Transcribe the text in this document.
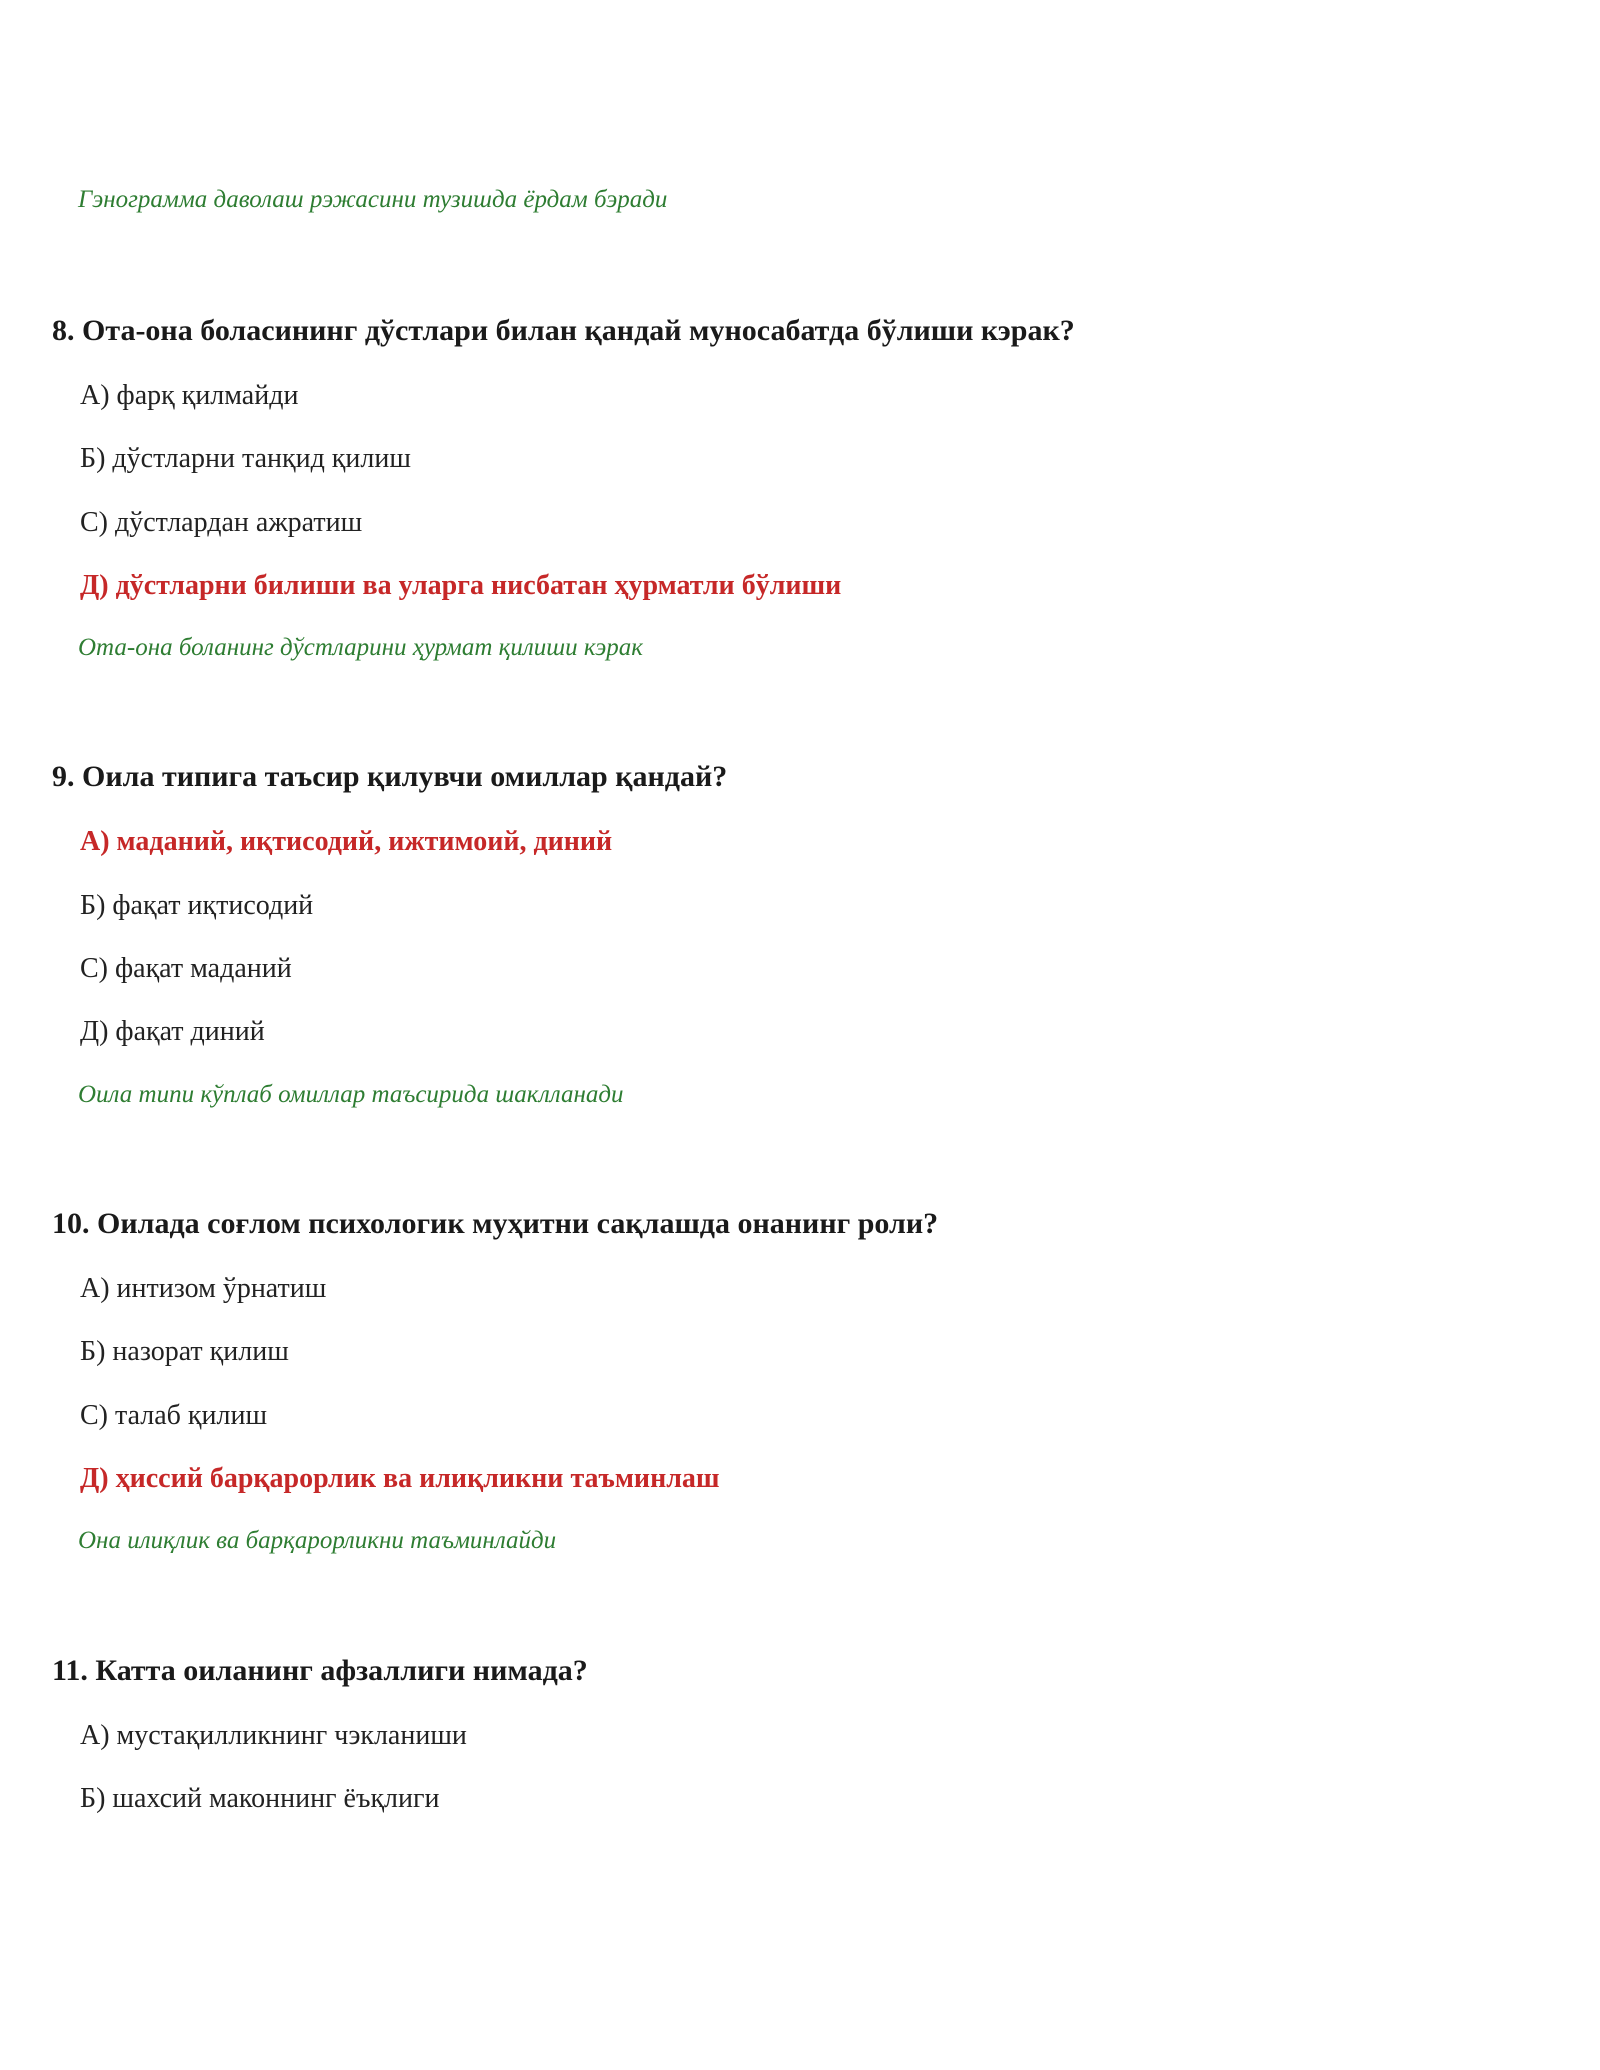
Гэнограмма даволаш рэжасини тузишда ёрдам бэради
8. Ота-она боласининг дўстлари билан қандай муносабатда бўлиши кэрак?
А) фарқ қилмайди
Б) дўстларни танқид қилиш
С) дўстлардан ажратиш
Д) дўстларни билиши ва уларга нисбатан ҳурматли бўлиши
Ота-она боланинг дўстларини ҳурмат қилиши кэрак
9. Оила типига таъсир қилувчи омиллар қандай?
А) маданий, иқтисодий, ижтимоий, диний
Б) фақат иқтисодий
С) фақат маданий
Д) фақат диний
Оила типи кўплаб омиллар таъсирида шаклланади
10. Оилада соғлом психологик муҳитни сақлашда онанинг роли?
А) интизом ўрнатиш
Б) назорат қилиш
С) талаб қилиш
Д) ҳиссий барқарорлик ва илиқликни таъминлаш
Она илиқлик ва барқарорликни таъминлайди
11. Катта оиланинг афзаллиги нимада?
А) мустақилликнинг чэкланиши
Б) шахсий маконнинг ёъқлиги
